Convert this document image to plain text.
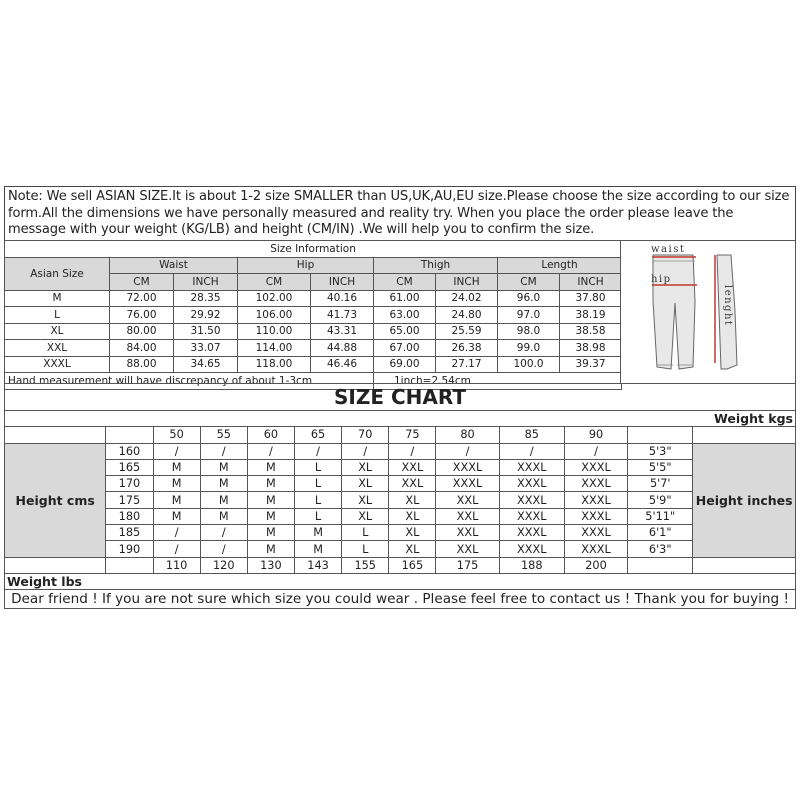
Note: We sell ASIAN SIZE.It is about 1-2 size SMALLER than US,UK,AU,EU size.Please choose the size according to our size form.All the dimensions we have personally measured and reality try. When you place the order please leave the message with your weight (KG/LB) and height (CM/IN) .We will help you to confirm the size.
Size Information								
Asian Size	Waist		Hip		Thigh		Length	
	CM	INCH	CM	INCH	CM	INCH	CM	INCH
M	72.00	28.35	102.00	40.16	61.00	24.02	96.0	37.80
L	76.00	29.92	106.00	41.73	63.00	24.80	97.0	38.19
XL	80.00	31.50	110.00	43.31	65.00	25.59	98.0	38.58
XXL	84.00	33.07	114.00	44.88	67.00	26.38	99.0	38.98
XXXL	88.00	34.65	118.00	46.46	69.00	27.17	100.0	39.37
Hand measurement will have discrepancy of about 1-3cm					1inch=2.54cm			
waist
hip
lenght
SIZE CHART
Weight kgs												
		50	55	60	65	70	75	80	85	90		
Height cms	160	/	/	/	/	/	/	/	/	/	5'3"	Height inches
	165	M	M	M	L	XL	XXL	XXXL	XXXL	XXXL	5'5"	
	170	M	M	M	L	XL	XXL	XXXL	XXXL	XXXL	5'7'	
	175	M	M	M	L	XL	XL	XXL	XXXL	XXXL	5'9"	
	180	M	M	M	L	XL	XL	XXL	XXXL	XXXL	5'11"	
	185	/	/	M	M	L	XL	XXL	XXXL	XXXL	6'1"	
	190	/	/	M	M	L	XL	XXL	XXXL	XXXL	6'3"	
		110	120	130	143	155	165	175	188	200		
Weight lbs												
Dear friend ! If you are not sure which size you could wear . Please feel free to contact us ! Thank you for buying !												
